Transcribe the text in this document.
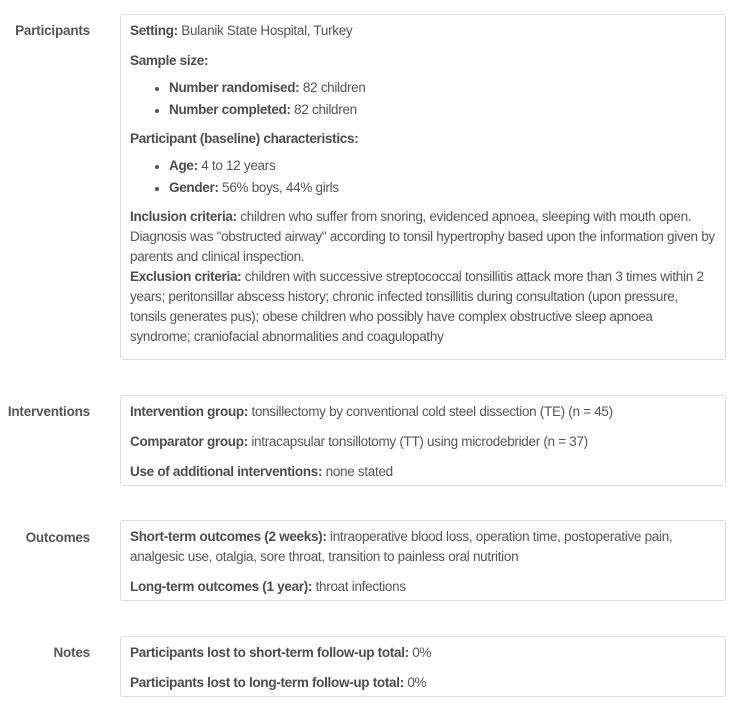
Participants	Setting: Bulanik State Hospital, Turkey

Sample size:

• Number randomised: 82 children
• Number completed: 82 children

Participant (baseline) characteristics:

• Age: 4 to 12 years
• Gender: 56% boys, 44% girls

Inclusion criteria: children who suffer from snoring, evidenced apnoea, sleeping with mouth open. Diagnosis was "obstructed airway" according to tonsil hypertrophy based upon the information given by parents and clinical inspection.

Exclusion criteria: children with successive streptococcal tonsillitis attack more than 3 times within 2 years; peritonsillar abscess history; chronic infected tonsillitis during consultation (upon pressure, tonsils generates pus); obese children who possibly have complex obstructive sleep apnoea syndrome; craniofacial abnormalities and coagulopathy

Interventions	Intervention group: tonsillectomy by conventional cold steel dissection (TE) (n = 45)

Comparator group: intracapsular tonsillotomy (TT) using microdebrider (n = 37)

Use of additional interventions: none stated

Outcomes	Short-term outcomes (2 weeks): intraoperative blood loss, operation time, postoperative pain, analgesic use, otalgia, sore throat, transition to painless oral nutrition

Long-term outcomes (1 year): throat infections

Notes	Participants lost to short-term follow-up total: 0%

Participants lost to long-term follow-up total: 0%
